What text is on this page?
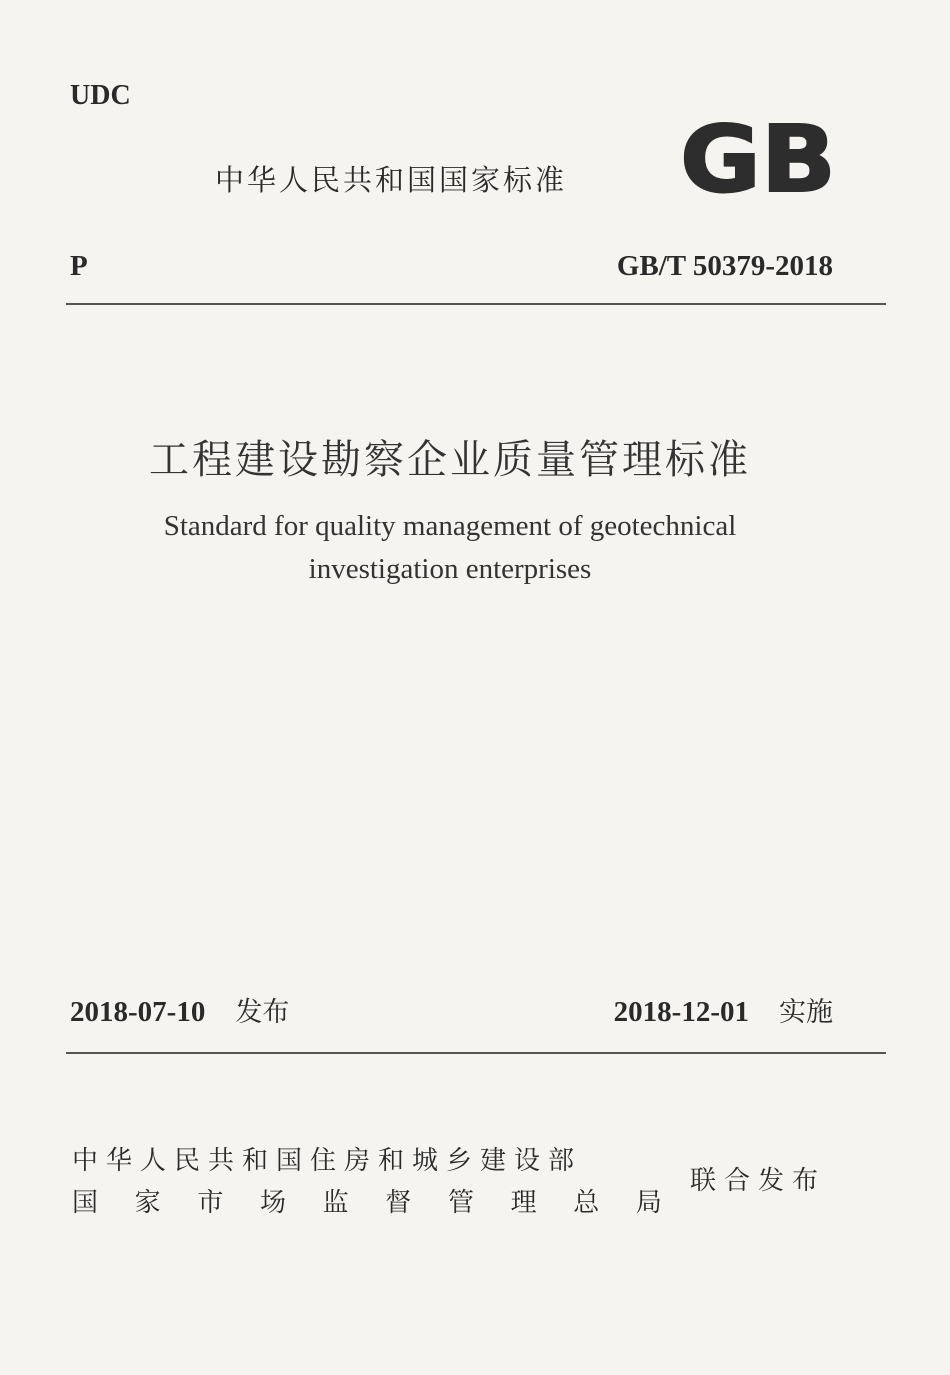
UDC
中华人民共和国国家标准 GB
P	GB/T 50379-2018
工程建设勘察企业质量管理标准
Standard for quality management of geotechnical
investigation enterprises
2018-07-10 发布	2018-12-01 实施
中华人民共和国住房和城乡建设部
国 家 市 场 监 督 管 理 总 局
联合发布
